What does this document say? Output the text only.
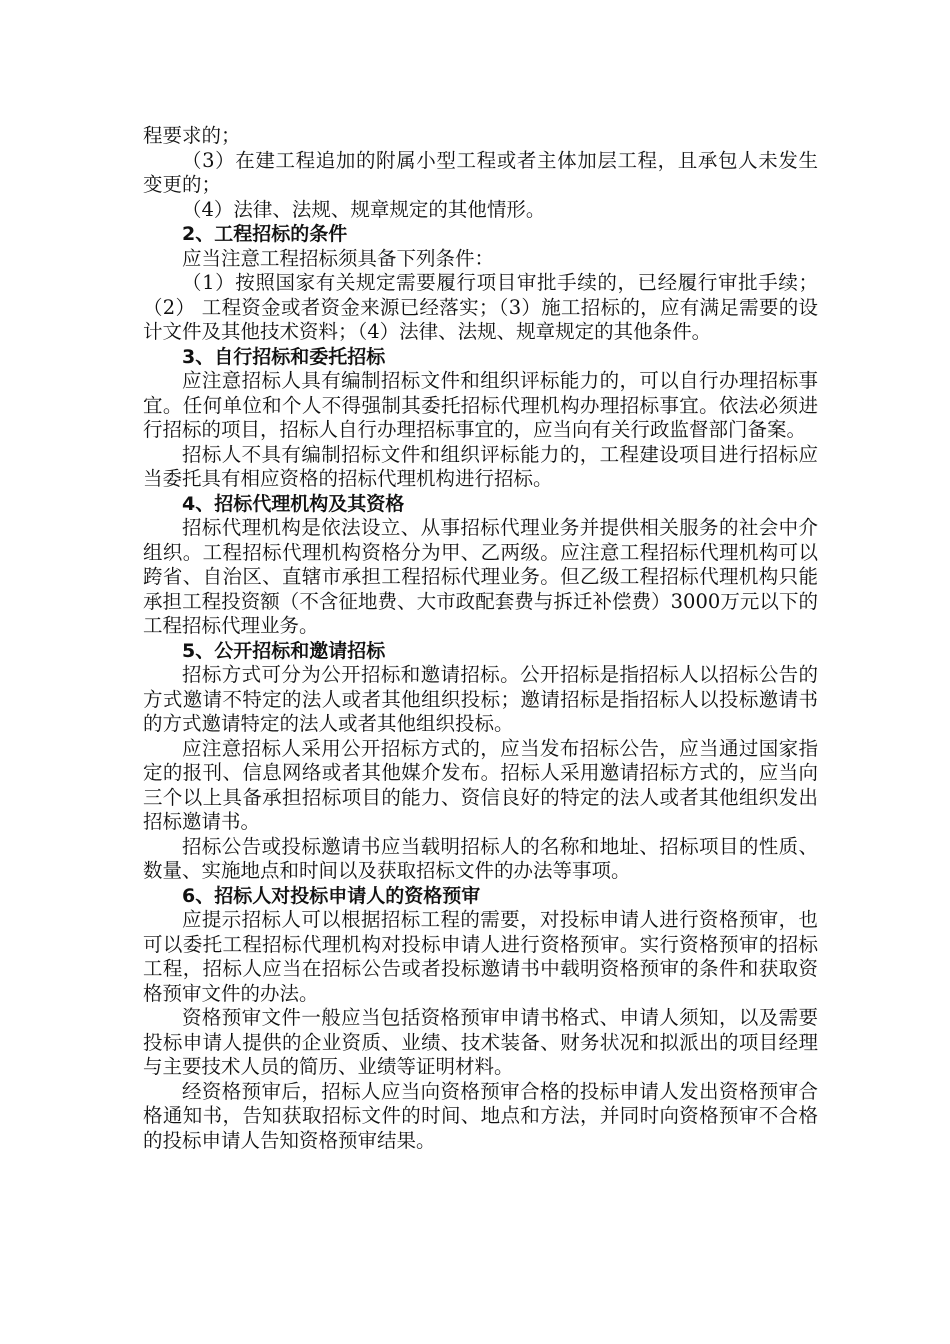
程要求的；

（3）在建工程追加的附属小型工程或者主体加层工程，且承包人未发生变更的；

（4）法律、法规、规章规定的其他情形。

2、工程招标的条件

应当注意工程招标须具备下列条件：

（1）按照国家有关规定需要履行项目审批手续的，已经履行审批手续；（2） 工程资金或者资金来源已经落实；（3）施工招标的，应有满足需要的设计文件及其他技术资料；（4）法律、法规、规章规定的其他条件。

3、自行招标和委托招标

应注意招标人具有编制招标文件和组织评标能力的，可以自行办理招标事宜。任何单位和个人不得强制其委托招标代理机构办理招标事宜。依法必须进行招标的项目，招标人自行办理招标事宜的，应当向有关行政监督部门备案。

招标人不具有编制招标文件和组织评标能力的，工程建设项目进行招标应当委托具有相应资格的招标代理机构进行招标。

4、招标代理机构及其资格

招标代理机构是依法设立、从事招标代理业务并提供相关服务的社会中介组织。工程招标代理机构资格分为甲、乙两级。应注意工程招标代理机构可以跨省、自治区、直辖市承担工程招标代理业务。但乙级工程招标代理机构只能承担工程投资额（不含征地费、大市政配套费与拆迁补偿费）3000万元以下的工程招标代理业务。

5、公开招标和邀请招标

招标方式可分为公开招标和邀请招标。公开招标是指招标人以招标公告的方式邀请不特定的法人或者其他组织投标；邀请招标是指招标人以投标邀请书的方式邀请特定的法人或者其他组织投标。

应注意招标人采用公开招标方式的，应当发布招标公告，应当通过国家指定的报刊、信息网络或者其他媒介发布。招标人采用邀请招标方式的，应当向三个以上具备承担招标项目的能力、资信良好的特定的法人或者其他组织发出招标邀请书。

招标公告或投标邀请书应当载明招标人的名称和地址、招标项目的性质、数量、实施地点和时间以及获取招标文件的办法等事项。

6、招标人对投标申请人的资格预审

应提示招标人可以根据招标工程的需要，对投标申请人进行资格预审，也可以委托工程招标代理机构对投标申请人进行资格预审。实行资格预审的招标工程，招标人应当在招标公告或者投标邀请书中载明资格预审的条件和获取资格预审文件的办法。

资格预审文件一般应当包括资格预审申请书格式、申请人须知，以及需要投标申请人提供的企业资质、业绩、技术装备、财务状况和拟派出的项目经理与主要技术人员的简历、业绩等证明材料。

经资格预审后，招标人应当向资格预审合格的投标申请人发出资格预审合格通知书，告知获取招标文件的时间、地点和方法，并同时向资格预审不合格的投标申请人告知资格预审结果。
